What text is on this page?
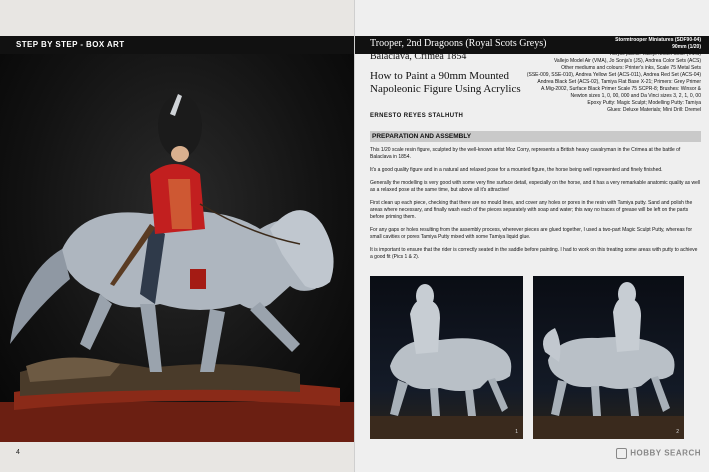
STEP BY STEP - BOX ART
4
Trooper, 2nd Dragoons (Royal Scots Greys)
Balaclava, Crimea 1854
How to Paint a 90mm Mounted
Napoleonic Figure Using Acrylics
ERNESTO REYES STALHUTH
Stormtrooper Miniatures (SDF90-04)
90mm (1/20)
Acrylic paints: Vallejo Model Color (VMC)
Vallejo Model Air (VMA), Jo Sonja's (JS), Andrea Color Sets (ACS)
Other mediums and colours: Printer's inks, Scale 75 Metal Sets
(SSE-009, SSE-010), Andrea Yellow Set (ACS-011), Andrea Red Set (ACS-04)
Andrea Black Set (ACS-02), Tamiya Flat Base X-21; Primers: Grey Primer
A.Mig-2002, Surface Black Primer Scale 75 SCPR-8; Brushes: Winsor &
Newton sizes 1, 0, 00, 000 and Da Vinci sizes 3, 2, 1, 0, 00
Epoxy Putty: Magic Sculpt; Modelling Putty: Tamiya
Glues: Deluxe Materials; Mini Drill: Dremel
PREPARATION AND ASSEMBLY

This 1/20 scale resin figure, sculpted by the well-known artist Moz Corry, represents a British heavy cavalryman in the Crimea at the battle of Balaclava in 1854.

It's a good quality figure and in a natural and relaxed pose for a mounted figure, the horse being well represented and finely finished.

Generally the modelling is very good with some very fine surface detail, especially on the horse, and it has a very remarkable anatomic quality as well as a relaxed pose at the same time, but above all it's attractive!

First clean up each piece, checking that there are no mould lines, and cover any holes or pores in the resin with Tamiya putty. Sand and polish the areas where necessary, and finally wash each of the pieces separately with soap and water; this way no traces of grease will be left on the parts before priming them.

For any gaps or holes resulting from the assembly process, wherever pieces are glued together, I used a two-part Magic Sculpt Putty, whereas for small cavities or pores Tamiya Putty mixed with some Tamiya liquid glue.

It is important to ensure that the rider is correctly seated in the saddle before painting. I had to work on this treating some areas with putty to achieve a good fit (Pics 1 & 2).

1	2
HOBBY SEARCH
